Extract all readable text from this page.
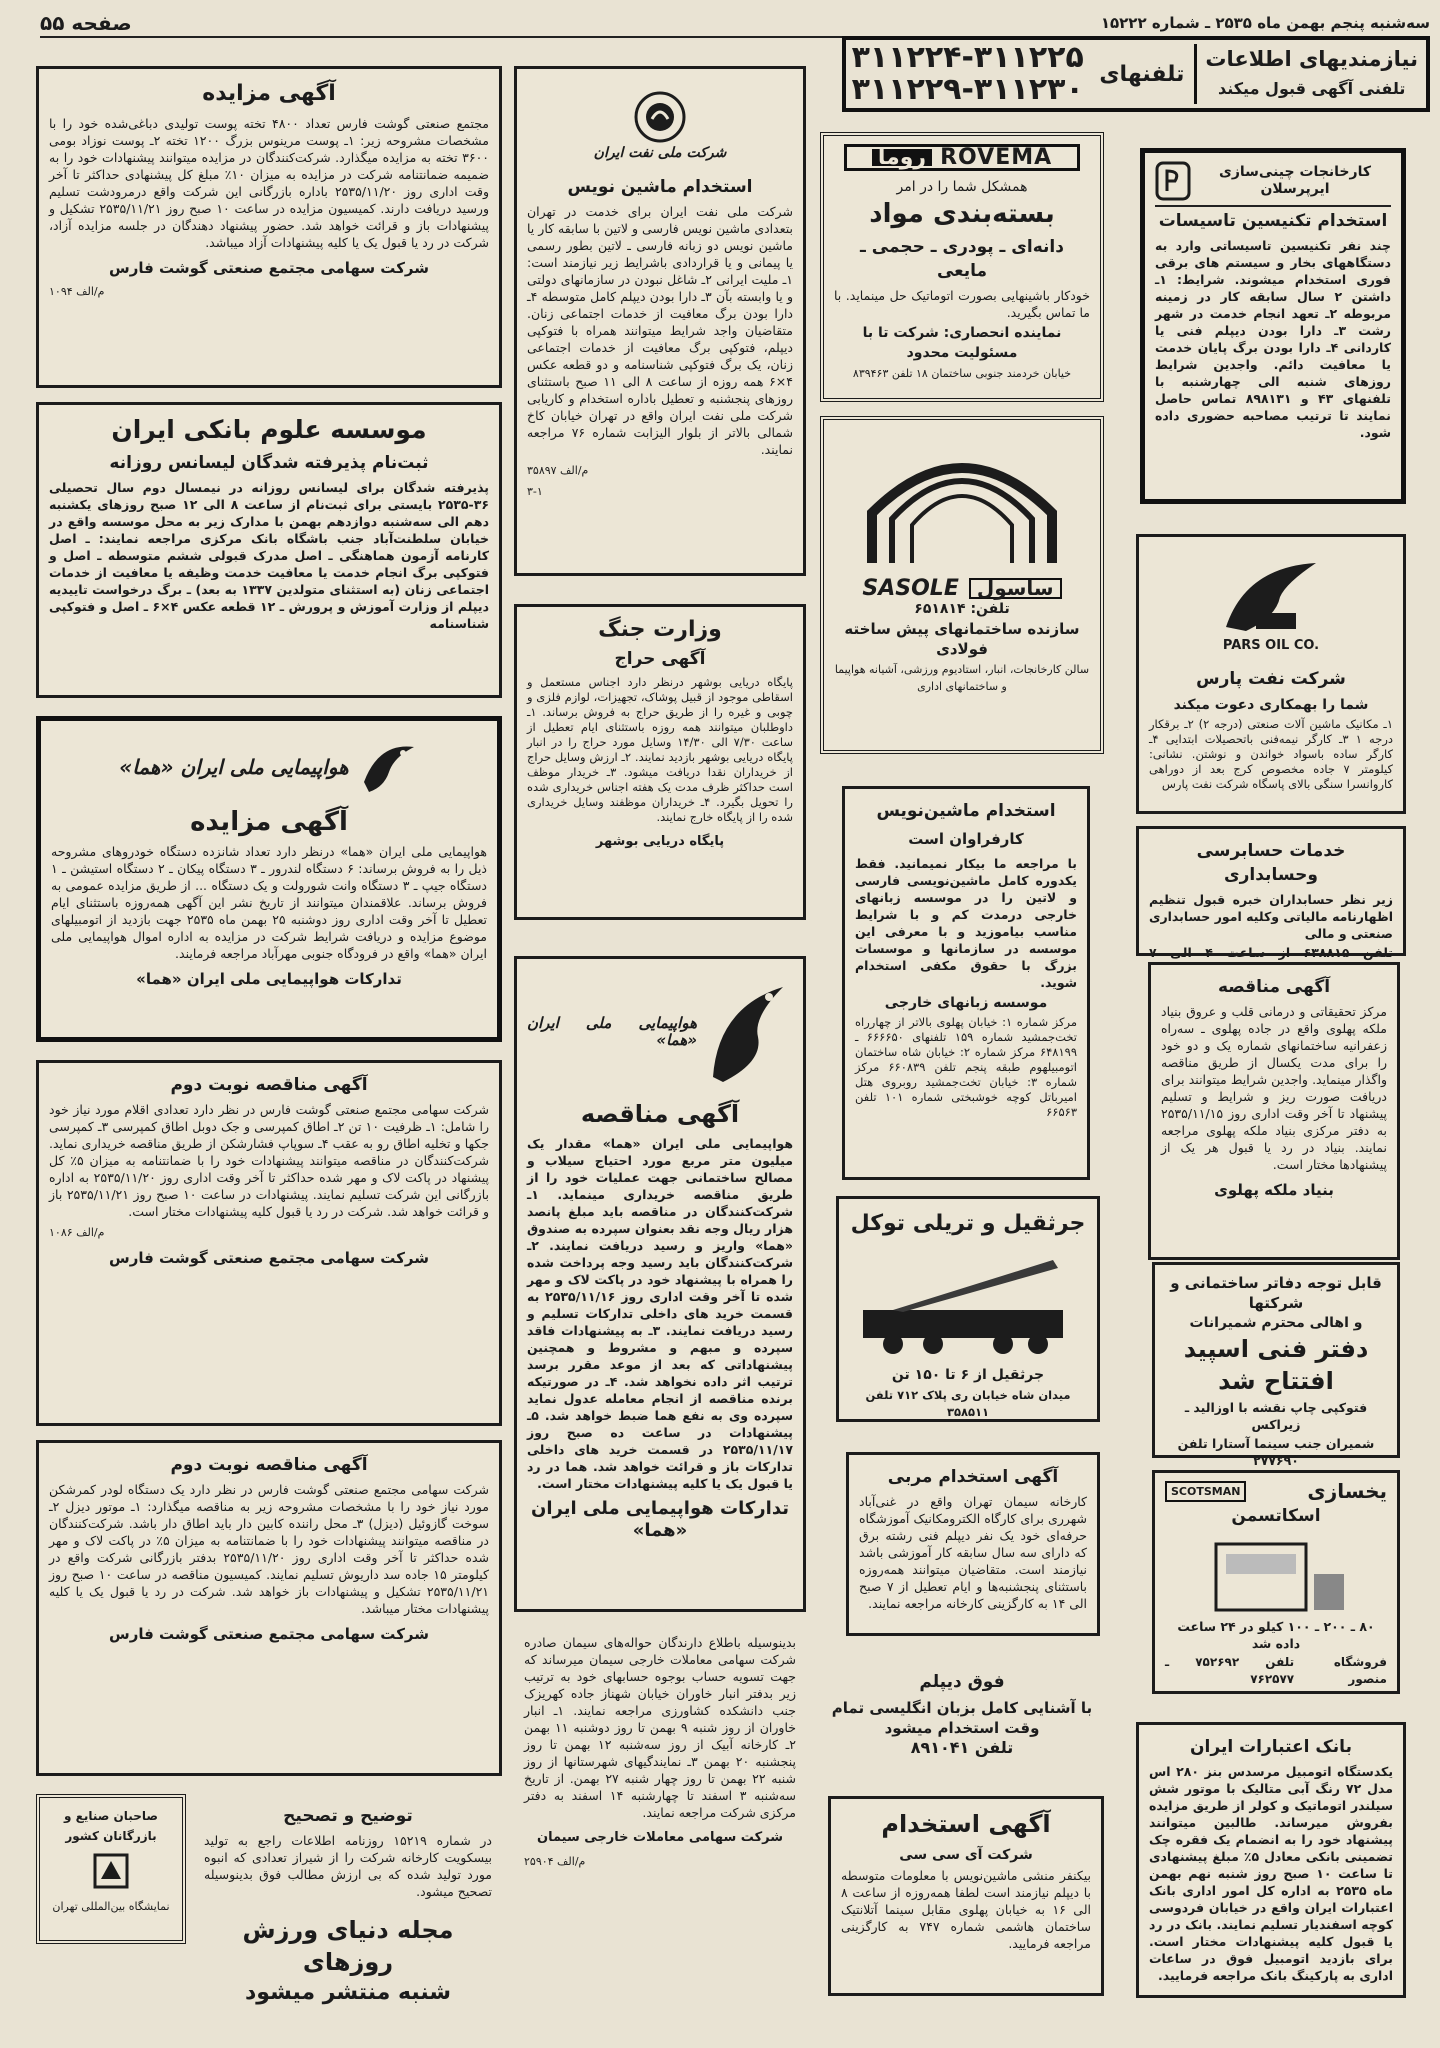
سه‌شنبه پنجم بهمن ماه ۲۵۳۵ ـ شماره ۱۵۲۲۲
صفحه ۵۵
نیازمندیهای اطلاعات
تلفنی آگهی قبول میکند
تلفنهای
۳۱۱۲۲۴-۳۱۱۲۲۵
۳۱۱۲۲۹-۳۱۱۲۳۰
آگهی مزایده
مجتمع صنعتی گوشت فارس تعداد ۴۸۰۰ تخته پوست تولیدی دباغی‌شده خود را با مشخصات مشروحه زیر: ۱ـ پوست مرینوس بزرگ ۱۲۰۰ تخته ۲ـ پوست نوزاد بومی ۳۶۰۰ تخته به مزایده میگذارد. شرکت‌کنندگان در مزایده میتوانند پیشنهادات خود را به ضمیمه ضمانتنامه شرکت در مزایده به میزان ۱۰٪ مبلغ کل پیشنهادی حداکثر تا آخر وقت اداری روز ۲۵۳۵/۱۱/۲۰ باداره بازرگانی این شرکت واقع درمرودشت تسلیم ورسید دریافت دارند. کمیسیون مزایده در ساعت ۱۰ صبح روز ۲۵۳۵/۱۱/۲۱ تشکیل و پیشنهادات باز و قرائت خواهد شد. حضور پیشنهاد دهندگان در جلسه مزایده آزاد، شرکت در رد یا قبول یک یا کلیه پیشنهادات آزاد میباشد.
شرکت سهامی مجتمع صنعتی گوشت فارس
م/الف ۱۰۹۴
موسسه علوم بانکی ایران
ثبت‌نام پذیرفته شدگان لیسانس روزانه
پذیرفته شدگان برای لیسانس روزانه در نیمسال دوم سال تحصیلی ۳۶-۲۵۳۵ بایستی برای ثبت‌نام از ساعت ۸ الی ۱۲ صبح روزهای یکشنبه دهم الی سه‌شنبه دوازدهم بهمن با مدارک زیر به محل موسسه واقع در خیابان سلطنت‌آباد جنب باشگاه بانک مرکزی مراجعه نمایند: ـ اصل کارنامه آزمون هماهنگی ـ اصل مدرک قبولی ششم متوسطه ـ اصل و فتوکپی برگ انجام خدمت یا معافیت خدمت وظیفه یا معافیت از خدمات اجتماعی زنان (به استثنای متولدین ۱۳۳۷ به بعد) ـ برگ درخواست تاییدیه دیپلم از وزارت آموزش و پرورش ـ ۱۲ قطعه عکس ۴×۶ ـ اصل و فتوکپی شناسنامه
هواپیمایی ملی ایران «هما»
آگهی مزایده
هواپیمایی ملی ایران «هما» درنظر دارد تعداد شانزده دستگاه خودروهای مشروحه ذیل را به فروش برساند: ۶ دستگاه لندرور ـ ۳ دستگاه پیکان ـ ۲ دستگاه استیشن ـ ۱ دستگاه جیپ ـ ۳ دستگاه وانت شورولت و یک دستگاه ... از طریق مزایده عمومی به فروش برساند. علاقمندان میتوانند از تاریخ نشر این آگهی همه‌روزه باستثنای ایام تعطیل تا آخر وقت اداری روز دوشنبه ۲۵ بهمن ماه ۲۵۳۵ جهت بازدید از اتومبیلهای موضوع مزایده و دریافت شرایط شرکت در مزایده به اداره اموال هواپیمایی ملی ایران «هما» واقع در فرودگاه جنوبی مهرآباد مراجعه فرمایند.
تدارکات هواپیمایی ملی ایران «هما»
آگهی مناقصه نوبت دوم
شرکت سهامی مجتمع صنعتی گوشت فارس در نظر دارد تعدادی اقلام مورد نیاز خود را شامل: ۱ـ ظرفیت ۱۰ تن ۲ـ اطاق کمپرسی و جک دوبل اطاق کمپرسی ۳ـ کمپرسی جکها و تخلیه اطاق رو به عقب ۴ـ سوپاپ فشارشکن از طریق مناقصه خریداری نماید. شرکت‌کنندگان در مناقصه میتوانند پیشنهادات خود را با ضمانتنامه به میزان ۵٪ کل پیشنهاد در پاکت لاک و مهر شده حداکثر تا آخر وقت اداری روز ۲۵۳۵/۱۱/۲۰ به اداره بازرگانی این شرکت تسلیم نمایند. پیشنهادات در ساعت ۱۰ صبح روز ۲۵۳۵/۱۱/۲۱ باز و قرائت خواهد شد. شرکت در رد یا قبول کلیه پیشنهادات مختار است.
م/الف ۱۰۸۶
شرکت سهامی مجتمع صنعتی گوشت فارس
آگهی مناقصه نوبت دوم
شرکت سهامی مجتمع صنعتی گوشت فارس در نظر دارد یک دستگاه لودر کمرشکن مورد نیاز خود را با مشخصات مشروحه زیر به مناقصه میگذارد: ۱ـ موتور دیزل ۲ـ سوخت گازوئیل (دیزل) ۳ـ محل راننده کابین دار باید اطاق دار باشد. شرکت‌کنندگان در مناقصه میتوانند پیشنهادات خود را با ضمانتنامه به میزان ۵٪ در پاکت لاک و مهر شده حداکثر تا آخر وقت اداری روز ۲۵۳۵/۱۱/۲۰ بدفتر بازرگانی شرکت واقع در کیلومتر ۱۵ جاده سد داریوش تسلیم نمایند. کمیسیون مناقصه در ساعت ۱۰ صبح روز ۲۵۳۵/۱۱/۲۱ تشکیل و پیشنهادات باز خواهد شد. شرکت در رد یا قبول یک یا کلیه پیشنهادات مختار میباشد.
شرکت سهامی مجتمع صنعتی گوشت فارس
صاحبان صنایع و بازرگانان کشور
نمایشگاه بین‌المللی تهران
توضیح و تصحیح
در شماره ۱۵۲۱۹ روزنامه اطلاعات راجع به تولید بیسکویت کارخانه شرکت را از شیراز تعدادی که انبوه مورد تولید شده که بی ارزش مطالب فوق بدینوسیله تصحیح میشود.
مجله دنیای ورزش روزهای
شنبه منتشر میشود
شرکت ملی نفت ایران
استخدام ماشین نویس
شرکت ملی نفت ایران برای خدمت در تهران بتعدادی ماشین نویس فارسی و لاتین با سابقه کار یا ماشین نویس دو زبانه فارسی ـ لاتین بطور رسمی یا پیمانی و یا قراردادی باشرایط زیر نیازمند است: ۱ـ ملیت ایرانی ۲ـ شاغل نبودن در سازمانهای دولتی و یا وابسته بآن ۳ـ دارا بودن دیپلم کامل متوسطه ۴ـ دارا بودن برگ معافیت از خدمات اجتماعی زنان. متقاضیان واجد شرایط میتوانند همراه با فتوکپی دیپلم، فتوکپی برگ معافیت از خدمات اجتماعی زنان، یک برگ فتوکپی شناسنامه و دو قطعه عکس ۴×۶ همه روزه از ساعت ۸ الی ۱۱ صبح باستثنای روزهای پنجشنبه و تعطیل باداره استخدام و کاریابی شرکت ملی نفت ایران واقع در تهران خیابان کاخ شمالی بالاتر از بلوار الیزابت شماره ۷۶ مراجعه نمایند.
م/الف ۳۵۸۹۷
۳-۱
وزارت جنگ
آگهی حراج
پایگاه دریایی بوشهر درنظر دارد اجناس مستعمل و اسقاطی موجود از قبیل پوشاک، تجهیزات، لوازم فلزی و چوبی و غیره را از طریق حراج به فروش برساند. ۱ـ داوطلبان میتوانند همه روزه باستثنای ایام تعطیل از ساعت ۷/۳۰ الی ۱۴/۳۰ وسایل مورد حراج را در انبار پایگاه دریایی بوشهر بازدید نمایند. ۲ـ ارزش وسایل حراج از خریداران نقدا دریافت میشود. ۳ـ خریدار موظف است حداکثر ظرف مدت یک هفته اجناس خریداری شده را تحویل بگیرد. ۴ـ خریداران موظفند وسایل خریداری شده را از پایگاه خارج نمایند.
پایگاه دریایی بوشهر
هواپیمایی ملی ایران «هما»
آگهی مناقصه
هواپیمایی ملی ایران «هما» مقدار یک میلیون متر مربع مورد احتیاج سیلاب و مصالح ساختمانی جهت عملیات خود را از طریق مناقصه خریداری مینماید. ۱ـ شرکت‌کنندگان در مناقصه باید مبلغ پانصد هزار ریال وجه نقد بعنوان سپرده به صندوق «هما» واریز و رسید دریافت نمایند. ۲ـ شرکت‌کنندگان باید رسید وجه پرداخت شده را همراه با پیشنهاد خود در پاکت لاک و مهر شده تا آخر وقت اداری روز ۲۵۳۵/۱۱/۱۶ به قسمت خرید های داخلی تدارکات تسلیم و رسید دریافت نمایند. ۳ـ به پیشنهادات فاقد سپرده و مبهم و مشروط و همچنین پیشنهاداتی که بعد از موعد مقرر برسد ترتیب اثر داده نخواهد شد. ۴ـ در صورتیکه برنده مناقصه از انجام معامله عدول نماید سپرده وی به نفع هما ضبط خواهد شد. ۵ـ پیشنهادات در ساعت ده صبح روز ۲۵۳۵/۱۱/۱۷ در قسمت خرید های داخلی تدارکات باز و قرائت خواهد شد. هما در رد یا قبول یک یا کلیه پیشنهادات مختار است.
تدارکات هواپیمایی ملی ایران «هما»
بدینوسیله باطلاع دارندگان حواله‌های سیمان صادره شرکت سهامی معاملات خارجی سیمان میرساند که جهت تسویه حساب بوجوه حسابهای خود به ترتیب زیر بدفتر انبار خاوران خیابان شهناز جاده کهریزک جنب دانشکده کشاورزی مراجعه نمایند. ۱ـ انبار خاوران از روز شنبه ۹ بهمن تا روز دوشنبه ۱۱ بهمن ۲ـ کارخانه آبیک از روز سه‌شنبه ۱۲ بهمن تا روز پنجشنبه ۲۰ بهمن ۳ـ نمایندگیهای شهرستانها از روز شنبه ۲۲ بهمن تا روز چهار شنبه ۲۷ بهمن. از تاریخ سه‌شنبه ۳ اسفند تا چهارشنبه ۱۴ اسفند به دفتر مرکزی شرکت مراجعه نمایند.
شرکت سهامی معاملات خارجی سیمان
م/الف ۲۵۹۰۴
ROVEMA
روما
همشکل شما را در امر
بسته‌بندی مواد
دانه‌ای ـ پودری ـ حجمی ـ مایعی
خودکار باشینهایی بصورت اتوماتیک حل مینماید. با ما تماس بگیرید.
نماینده انحصاری: شرکت تا با مسئولیت محدود
خیابان خردمند جنوبی ساختمان ۱۸ تلفن ۸۳۹۴۶۳
ساسول
SASOLE
تلفن: ۶۵۱۸۱۴
سازنده ساختمانهای پیش ساخته فولادی
سالن کارخانجات، انبار، استادیوم ورزشی، آشیانه هواپیما و ساختمانهای اداری
استخدام ماشین‌نویس
کارفراوان است
با مراجعه ما بیکار نمیمانید. فقط یکدوره کامل ماشین‌نویسی فارسی و لاتین را در موسسه زبانهای خارجی درمدت کم و با شرایط مناسب بیاموزید و با معرفی این موسسه در سازمانها و موسسات بزرگ با حقوق مکفی استخدام شوید.
موسسه زبانهای خارجی
مرکز شماره ۱: خیابان پهلوی بالاتر از چهارراه تخت‌جمشید شماره ۱۵۹ تلفنهای ۶۶۶۶۵۰ ـ ۶۴۸۱۹۹ مرکز شماره ۲: خیابان شاه ساختمان اتومبیلهوم طبقه پنجم تلفن ۶۶۰۸۳۹ مرکز شماره ۳: خیابان تخت‌جمشید روبروی هتل امیرباتل کوچه خوشبختی شماره ۱۰۱ تلفن ۶۶۵۶۳
جرثقیل و تریلی توکل
جرثقیل از ۶ تا ۱۵۰ تن
میدان شاه خیابان ری پلاک ۷۱۲ تلفن ۳۵۸۵۱۱
آگهی استخدام مربی
کارخانه سیمان تهران واقع در غنی‌آباد شهرری برای کارگاه الکترومکانیک آموزشگاه حرفه‌ای خود یک نفر دیپلم فنی رشته برق که دارای سه سال سابقه کار آموزشی باشد نیازمند است. متقاضیان میتوانند همه‌روزه باستثنای پنجشنبه‌ها و ایام تعطیل از ۷ صبح الی ۱۴ به کارگزینی کارخانه مراجعه نمایند.
فوق دیپلم
با آشنایی کامل بزبان انگلیسی تمام وقت استخدام میشود
تلفن ۸۹۱۰۴۱
آگهی استخدام
شرکت آی سی سی
بیکنفر منشی ماشین‌نویس با معلومات متوسطه با دیپلم نیازمند است لطفا همه‌روزه از ساعت ۸ الی ۱۶ به خیابان پهلوی مقابل سینما آتلانتیک ساختمان هاشمی شماره ۷۴۷ به کارگزینی مراجعه فرمایید.
کارخانجات چینی‌سازی ایرپرسلان
استخدام تکنیسین تاسیسات
چند نفر تکنیسین تاسیساتی وارد به دستگاههای بخار و سیستم های برقی فوری استخدام میشوند. شرایط: ۱ـ داشتن ۲ سال سابقه کار در زمینه مربوطه ۲ـ تعهد انجام خدمت در شهر رشت ۳ـ دارا بودن دیپلم فنی یا کاردانی ۴ـ دارا بودن برگ پایان خدمت یا معافیت دائم. واجدین شرایط روزهای شنبه الی چهارشنبه با تلفنهای ۴۳ و ۸۹۸۱۳۱ تماس حاصل نمایند تا ترتیب مصاحبه حضوری داده شود.
PARS OIL CO.
شرکت نفت پارس
شما را بهمکاری دعوت میکند
۱ـ مکانیک ماشین آلات صنعتی (درجه ۲) ۲ـ برقکار درجه ۱ ۳ـ کارگر نیمه‌فنی باتحصیلات ابتدایی ۴ـ کارگر ساده باسواد خواندن و نوشتن. نشانی: کیلومتر ۷ جاده مخصوص کرج بعد از دوراهی کاروانسرا سنگی بالای پاسگاه شرکت نفت پارس
خدمات حسابرسی وحسابداری
زیر نظر حسابداران خبره قبول تنظیم اظهارنامه مالیاتی وکلیه امور حسابداری صنعتی و مالی
تلفن ۶۳۸۸۱۵ از ساعت ۴ الی ۷
آگهی مناقصه
مرکز تحقیقاتی و درمانی قلب و عروق بنیاد ملکه پهلوی واقع در جاده پهلوی ـ سه‌راه زعفرانیه ساختمانهای شماره یک و دو خود را برای مدت یکسال از طریق مناقصه واگذار مینماید. واجدین شرایط میتوانند برای دریافت صورت ریز و شرایط و تسلیم پیشنهاد تا آخر وقت اداری روز ۲۵۳۵/۱۱/۱۵ به دفتر مرکزی بنیاد ملکه پهلوی مراجعه نمایند. بنیاد در رد یا قبول هر یک از پیشنهادها مختار است.
بنیاد ملکه پهلوی
قابل توجه دفاتر ساختمانی و شرکتها
و اهالی محترم شمیرانات
دفتر فنی اسپید افتتاح شد
فتوکپی چاپ نقشه با اوزالید ـ زیراکس
شمیران جنب سینما آستارا تلفن ۲۷۷۶۹۰
یخسازی
SCOTSMAN
اسکاتسمن
۸۰ ـ ۲۰۰ ـ ۱۰۰ کیلو در ۲۴ ساعت داده شد
فروشگاه منصور
تلفن ۷۵۲۶۹۲ ـ ۷۶۲۵۷۷
بانک اعتبارات ایران
یکدستگاه اتومبیل مرسدس بنز ۲۸۰ اس مدل ۷۲ رنگ آبی متالیک با موتور شش سیلندر اتوماتیک و کولر از طریق مزایده بفروش میرساند. طالبین میتوانند پیشنهاد خود را به انضمام یک فقره چک تضمینی بانکی معادل ۵٪ مبلغ پیشنهادی تا ساعت ۱۰ صبح روز شنبه نهم بهمن ماه ۲۵۳۵ به اداره کل امور اداری بانک اعتبارات ایران واقع در خیابان فردوسی کوچه اسفندیار تسلیم نمایند. بانک در رد یا قبول کلیه پیشنهادات مختار است. برای بازدید اتومبیل فوق در ساعات اداری به پارکینگ بانک مراجعه فرمایید.
